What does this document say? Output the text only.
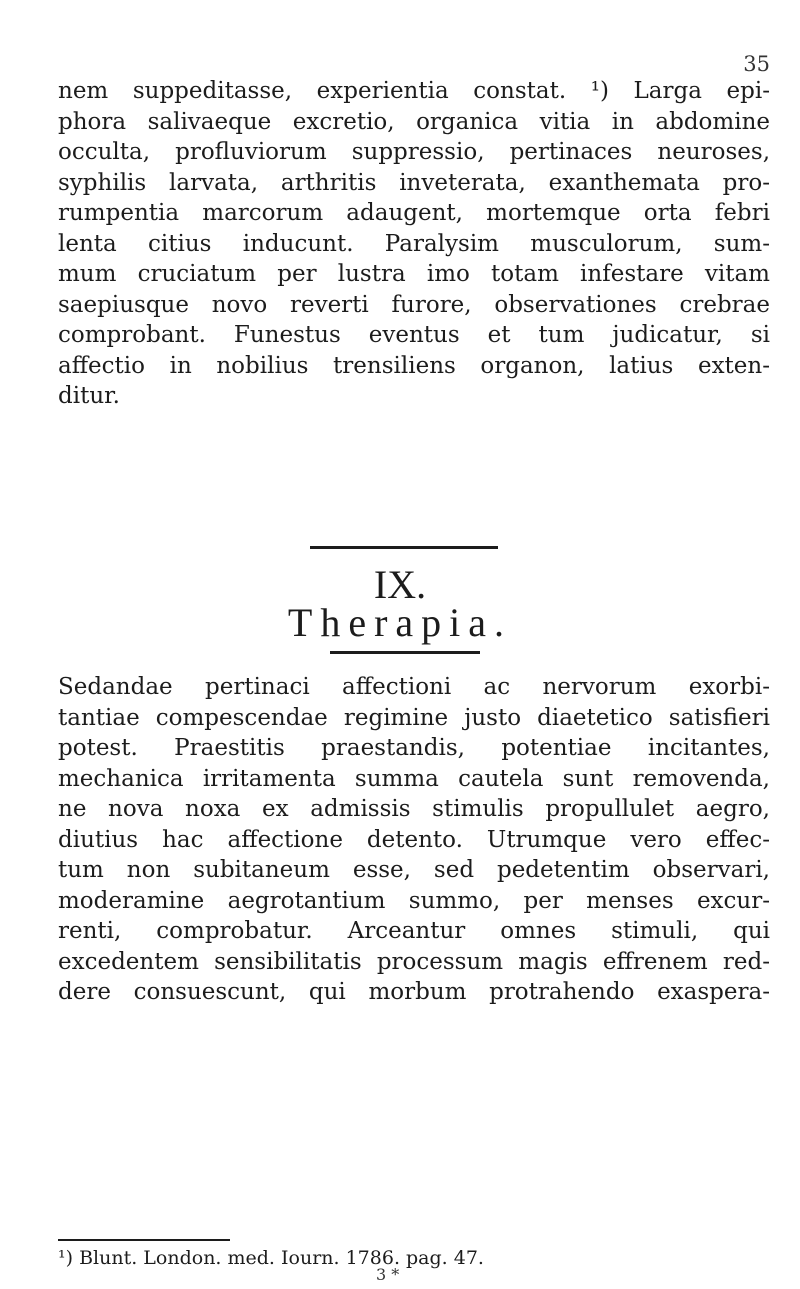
35
nem suppeditasse, experientia constat. ¹) Larga epi-
phora salivaeque excretio, organica vitia in abdomine
occulta, profluviorum suppressio, pertinaces neuroses,
syphilis larvata, arthritis inveterata, exanthemata pro-
rumpentia marcorum adaugent, mortemque orta febri
lenta citius inducunt. Paralysim musculorum, sum-
mum cruciatum per lustra imo totam infestare vitam
saepiusque novo reverti furore, observationes crebrae
comprobant. Funestus eventus et tum judicatur, si
affectio in nobilius trensiliens organon, latius exten-
ditur.
IX.
Therapia.
Sedandae pertinaci affectioni ac nervorum exorbi-
tantiae compescendae regimine justo diaetetico satisfieri
potest. Praestitis praestandis, potentiae incitantes,
mechanica irritamenta summa cautela sunt removenda,
ne nova noxa ex admissis stimulis propullulet aegro,
diutius hac affectione detento. Utrumque vero effec-
tum non subitaneum esse, sed pedetentim observari,
moderamine aegrotantium summo, per menses excur-
renti, comprobatur. Arceantur omnes stimuli, qui
excedentem sensibilitatis processum magis effrenem red-
dere consuescunt, qui morbum protrahendo exaspera-
¹) Blunt. London. med. Iourn. 1786. pag. 47.
3 *
